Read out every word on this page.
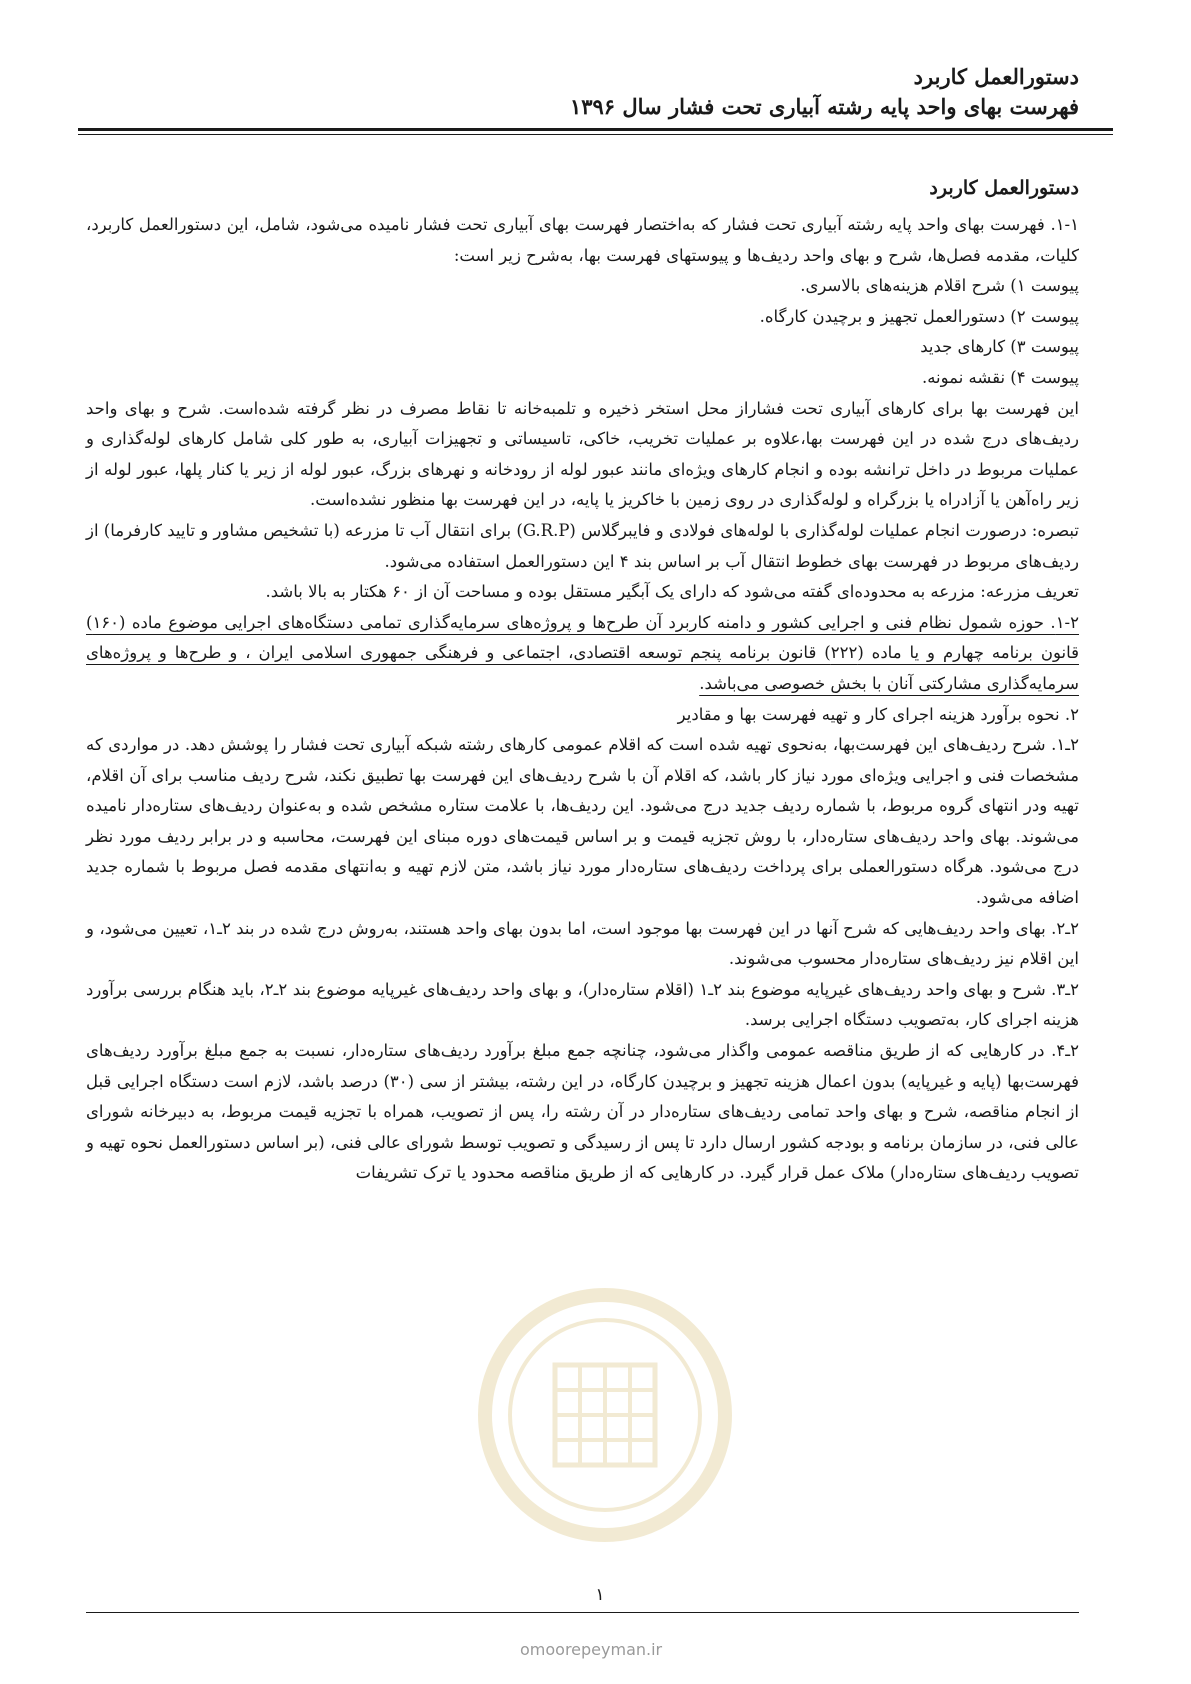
دستورالعمل کاربرد
فهرست بهای واحد پایه رشته آبیاری تحت فشار سال ۱۳۹۶
دستورالعمل کاربرد

۱-۱. فهرست بهای واحد پایه رشته آبیاری تحت فشار که به‌اختصار فهرست بهای آبیاری تحت فشار نامیده می‌شود، شامل، این دستورالعمل کاربرد، کلیات، مقدمه فصل‌ها، شرح و بهای واحد ردیف‌ها و پیوستهای فهرست بها، به‌شرح زیر است:

پیوست ۱) شرح اقلام هزینه‌های بالاسری.

پیوست ۲) دستورالعمل تجهیز و برچیدن کارگاه.

پیوست ۳) کارهای جدید

پیوست ۴) نقشه نمونه.

این فهرست بها برای کارهای آبیاری تحت فشاراز محل استخر ذخیره و تلمبه‌خانه تا نقاط مصرف در نظر گرفته شده‌است. شرح و بهای واحد ردیف‌های درج شده در این فهرست بها،علاوه بر عملیات تخریب، خاکی، تاسیساتی و تجهیزات آبیاری، به طور کلی شامل کارهای لوله‌گذاری و عملیات مربوط در داخل ترانشه بوده و انجام کارهای ویژه‌ای مانند عبور لوله از رودخانه و نهرهای بزرگ، عبور لوله از زیر یا کنار پلها، عبور لوله از زیر راه‌آهن یا آزادراه یا بزرگراه و لوله‌گذاری در روی زمین با خاکریز یا پایه، در این فهرست بها منظور نشده‌است.

تبصره: درصورت انجام عملیات لوله‌گذاری با لوله‌های فولادی و فایبرگلاس (G.R.P) برای انتقال آب تا مزرعه (با تشخیص مشاور و تایید کارفرما) از ردیف‌های مربوط در فهرست بهای خطوط انتقال آب بر اساس بند ۴ این دستورالعمل استفاده می‌شود.

تعریف مزرعه: مزرعه به محدوده‌ای گفته می‌شود که دارای یک آبگیر مستقل بوده و مساحت آن از ۶۰ هکتار به بالا باشد.

۱-۲. حوزه شمول نظام فنی و اجرایی کشور و دامنه کاربرد آن طرح‌ها و پروژه‌های سرمایه‌گذاری تمامی دستگاه‌های اجرایی موضوع ماده (۱۶۰) قانون برنامه چهارم و یا ماده (۲۲۲) قانون برنامه پنجم توسعه اقتصادی، اجتماعی و فرهنگی جمهوری اسلامی ایران ، و طرح‌ها و پروژه‌های سرمایه‌گذاری مشارکتی آنان با بخش خصوصی می‌باشد.

۲. نحوه برآورد هزینه اجرای کار و تهیه فهرست بها و مقادیر

۲ـ۱. شرح ردیف‌های این فهرست‌بها، به‌نحوی تهیه شده است که اقلام عمومی کارهای رشته شبکه آبیاری تحت فشار را پوشش دهد. در مواردی که مشخصات فنی و اجرایی ویژه‌ای مورد نیاز کار باشد، که اقلام آن با شرح ردیف‌های این فهرست بها تطبیق نکند، شرح ردیف مناسب برای آن اقلام، تهیه ودر انتهای گروه مربوط، با شماره ردیف جدید درج می‌شود. این ردیف‌ها، با علامت ستاره مشخص شده و به‌عنوان ردیف‌های ستاره‌دار نامیده می‌شوند. بهای واحد ردیف‌های ستاره‌دار، با روش تجزیه قیمت و بر اساس قیمت‌های دوره مبنای این فهرست، محاسبه و در برابر ردیف مورد نظر درج می‌شود. هرگاه دستورالعملی برای پرداخت ردیف‌های ستاره‌دار مورد نیاز باشد، متن لازم تهیه و به‌انتهای مقدمه فصل مربوط با شماره جدید اضافه می‌شود.

۲ـ۲. بهای واحد ردیف‌هایی که شرح آنها در این فهرست بها موجود است، اما بدون بهای واحد هستند، به‌روش درج شده در بند ۲ـ۱، تعیین می‌شود، و این اقلام نیز ردیف‌های ستاره‌دار محسوب می‌شوند.

۲ـ۳. شرح و بهای واحد ردیف‌های غیرپایه موضوع بند ۲ـ۱ (اقلام ستاره‌دار)، و بهای واحد ردیف‌های غیرپایه موضوع بند ۲ـ۲، باید هنگام بررسی برآورد هزینه اجرای کار، به‌تصویب دستگاه اجرایی برسد.

۲ـ۴. در کارهایی که از طریق مناقصه عمومی واگذار می‌شود، چنانچه جمع مبلغ برآورد ردیف‌های ستاره‌دار، نسبت به جمع مبلغ برآورد ردیف‌های فهرست‌بها (پایه و غیرپایه) بدون اعمال هزینه تجهیز و برچیدن کارگاه، در این رشته، بیشتر از سی (۳۰) درصد باشد، لازم است دستگاه اجرایی قبل از انجام مناقصه، شرح و بهای واحد تمامی ردیف‌های ستاره‌دار در آن رشته را، پس از تصویب، همراه با تجزیه قیمت مربوط، به دبیرخانه شورای عالی فنی، در سازمان برنامه و بودجه کشور ارسال دارد تا پس از رسیدگی و تصویب توسط شورای عالی فنی، (بر اساس دستورالعمل نحوه تهیه و تصویب ردیف‌های ستاره‌دار) ملاک عمل قرار گیرد. در کارهایی که از طریق مناقصه محدود یا ترک تشریفات

۱
omoorepeyman.ir
